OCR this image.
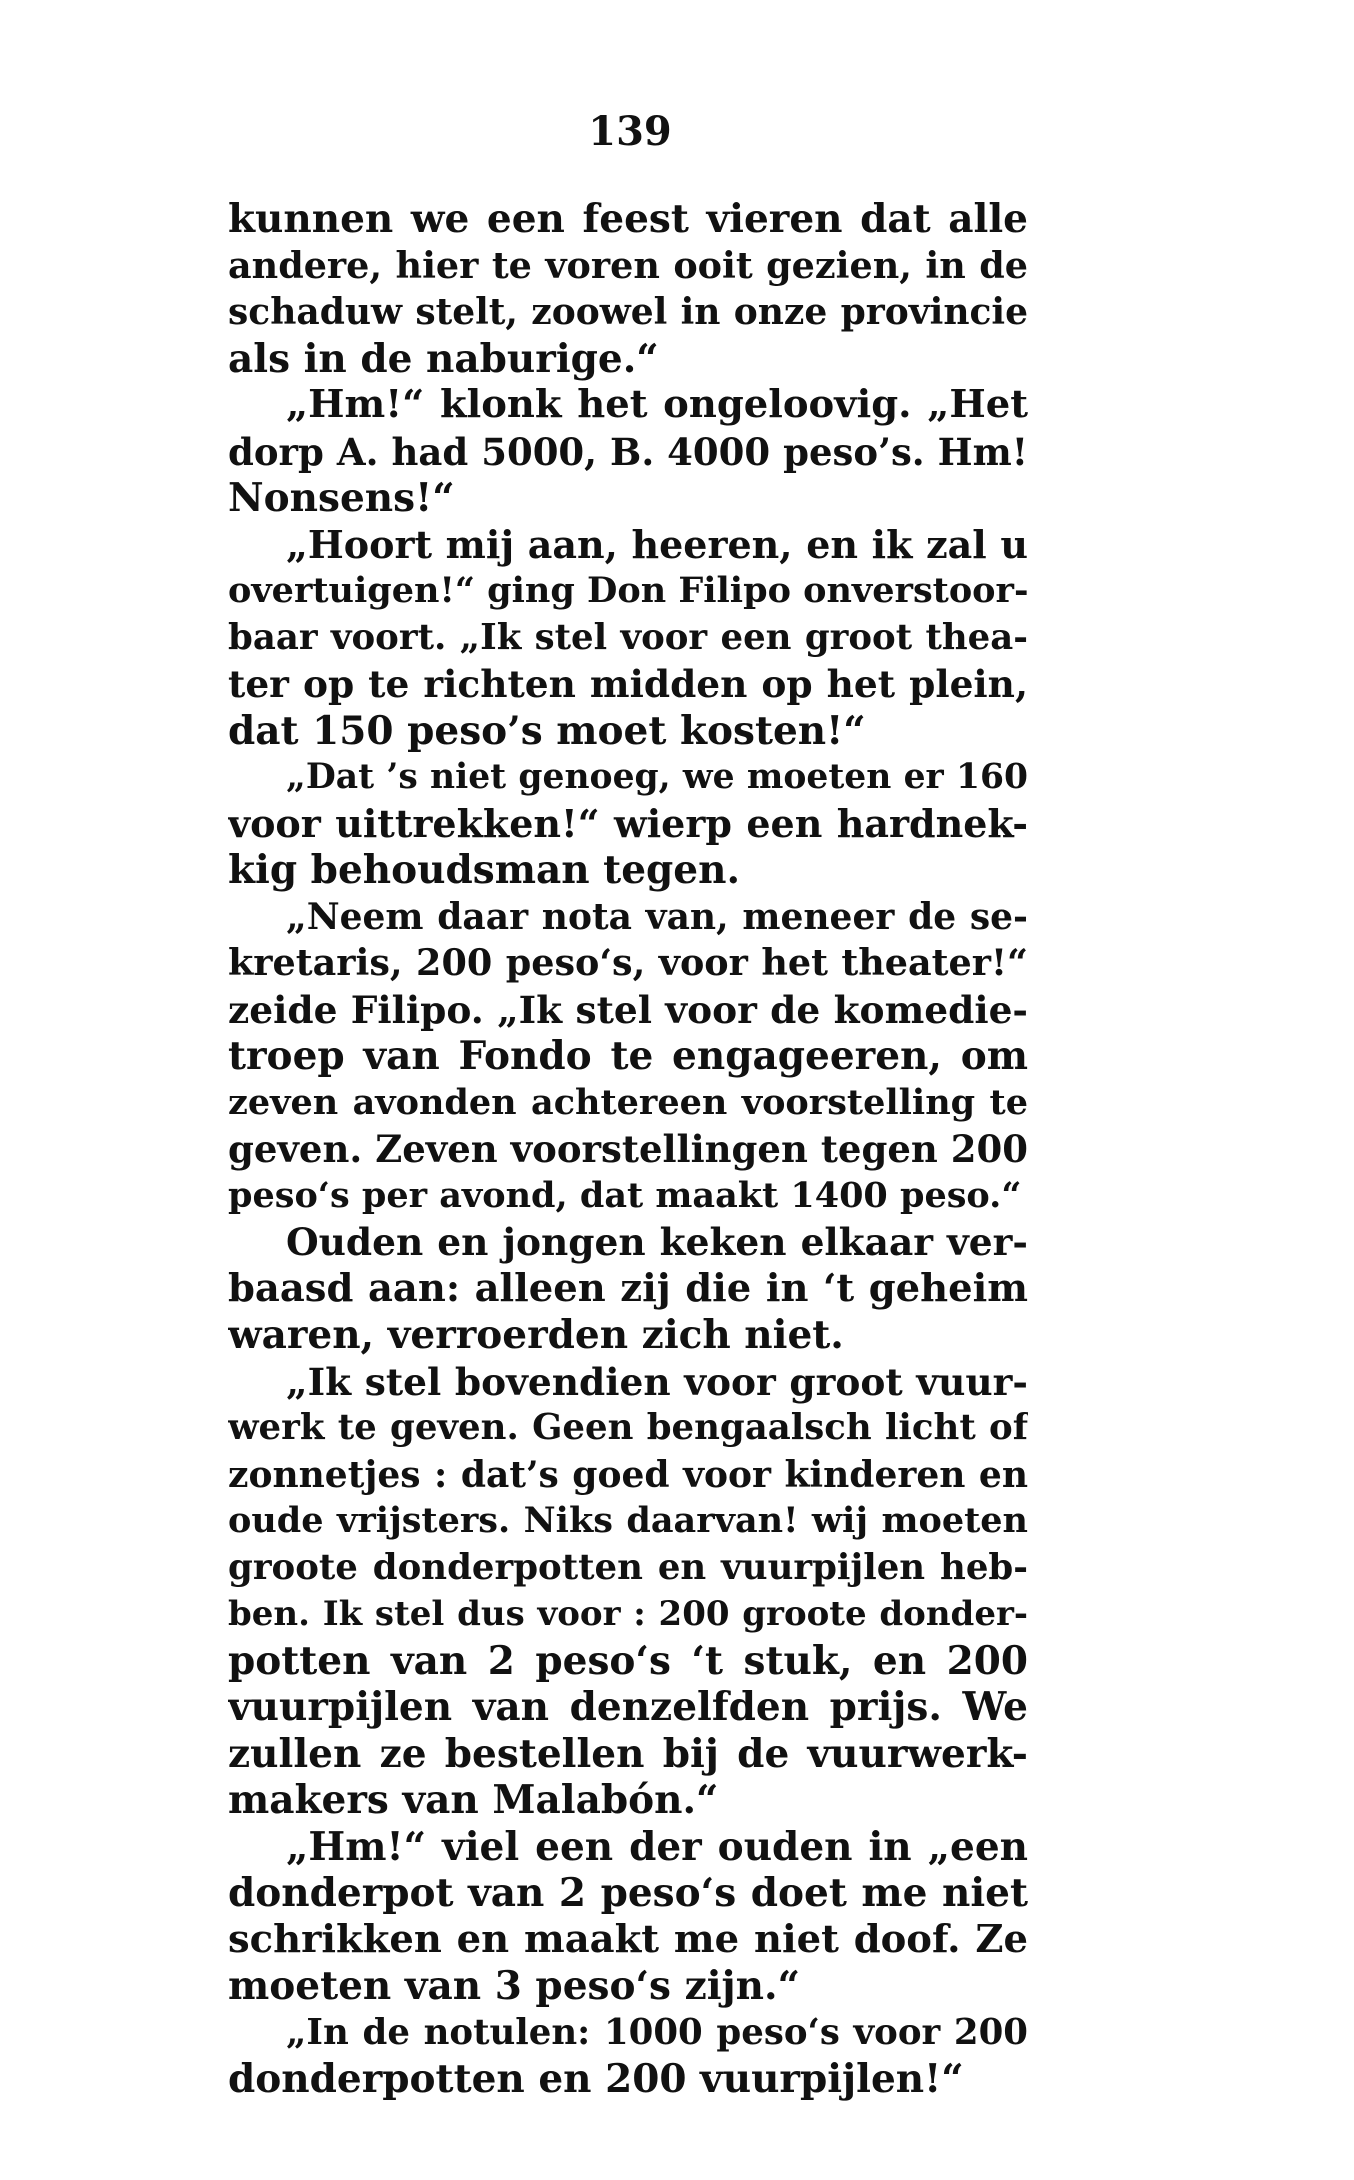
139
kunnen we een feest vieren dat alle
andere, hier te voren ooit gezien, in de
schaduw stelt, zoowel in onze provincie
als in de naburige.“
„Hm!“ klonk het ongeloovig. „Het
dorp A. had 5000, B. 4000 peso’s. Hm!
Nonsens!“
„Hoort mij aan, heeren, en ik zal u
overtuigen!“ ging Don Filipo onverstoor-
baar voort. „Ik stel voor een groot thea-
ter op te richten midden op het plein,
dat 150 peso’s moet kosten!“
„Dat ’s niet genoeg, we moeten er 160
voor uittrekken!“ wierp een hardnek-
kig behoudsman tegen.
„Neem daar nota van, meneer de se-
kretaris, 200 peso‘s, voor het theater!“
zeide Filipo. „Ik stel voor de komedie-
troep van Fondo te engageeren, om
zeven avonden achtereen voorstelling te
geven. Zeven voorstellingen tegen 200
peso‘s per avond, dat maakt 1400 peso.“
Ouden en jongen keken elkaar ver-
baasd aan: alleen zij die in ‘t geheim
waren, verroerden zich niet.
„Ik stel bovendien voor groot vuur-
werk te geven. Geen bengaalsch licht of
zonnetjes : dat’s goed voor kinderen en
oude vrijsters. Niks daarvan! wij moeten
groote donderpotten en vuurpijlen heb-
ben. Ik stel dus voor : 200 groote donder-
potten van 2 peso‘s ‘t stuk, en 200
vuurpijlen van denzelfden prijs. We
zullen ze bestellen bij de vuurwerk-
makers van Malabón.“
„Hm!“ viel een der ouden in „een
donderpot van 2 peso‘s doet me niet
schrikken en maakt me niet doof. Ze
moeten van 3 peso‘s zijn.“
„In de notulen: 1000 peso‘s voor 200
donderpotten en 200 vuurpijlen!“
